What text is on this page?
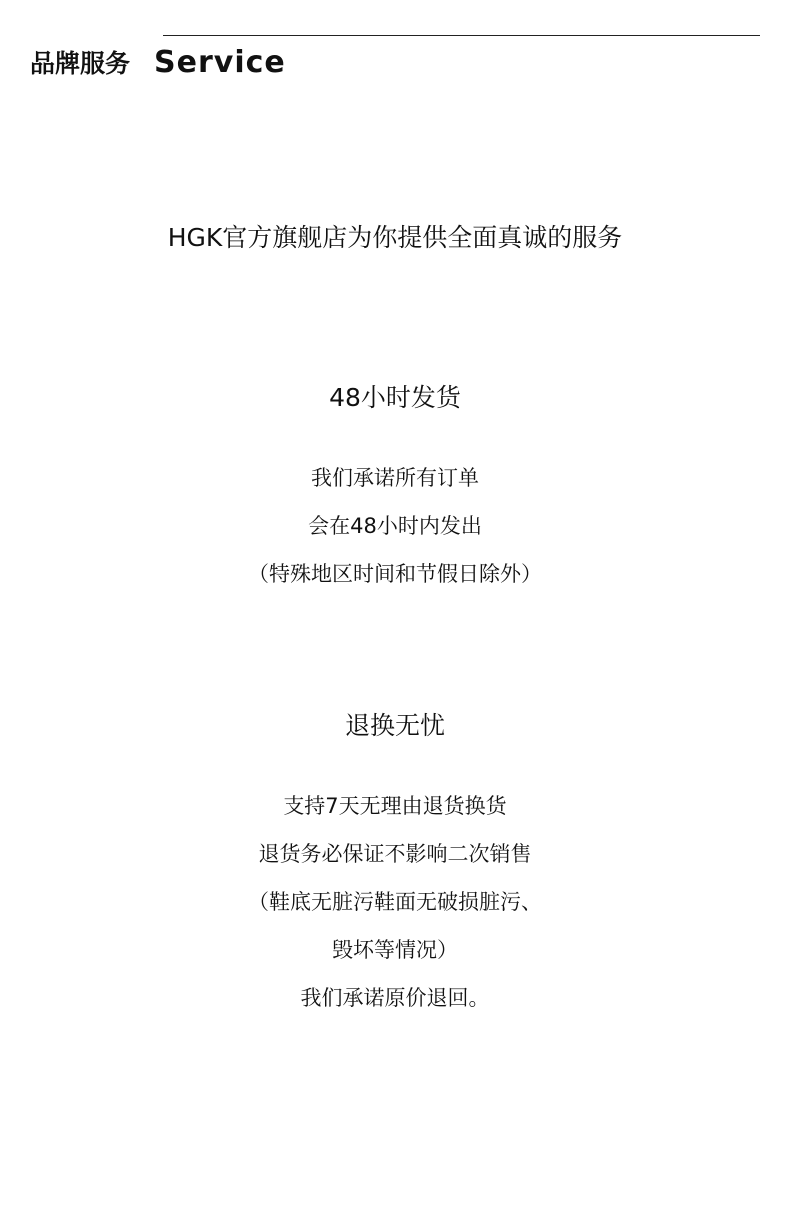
品牌服务 Service
HGK官方旗舰店为你提供全面真诚的服务
48小时发货
我们承诺所有订单
会在48小时内发出
（特殊地区时间和节假日除外）
退换无忧
支持7天无理由退货换货
退货务必保证不影响二次销售
（鞋底无脏污鞋面无破损脏污、
毁坏等情况）
我们承诺原价退回。
